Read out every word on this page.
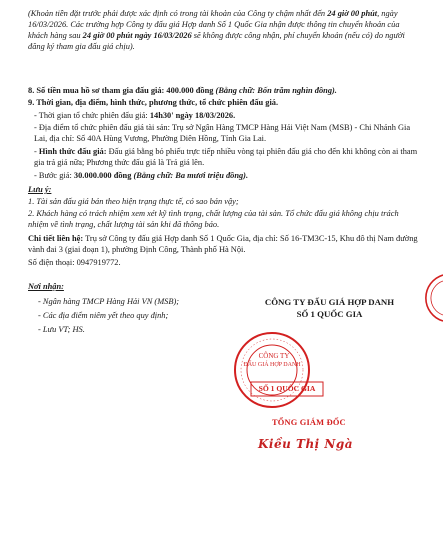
(Khoản tiền đặt trước phải được xác định có trong tài khoản của Công ty chậm nhất đến 24 giờ 00 phút, ngày 16/03/2026. Các trường hợp Công ty đấu giá Hợp danh Số 1 Quốc Gia nhận được thông tin chuyển khoản của khách hàng sau 24 giờ 00 phút ngày 16/03/2026 sẽ không được công nhận, phí chuyển khoản (nếu có) do người đăng ký tham gia đấu giá chịu).

8. Số tiền mua hồ sơ tham gia đấu giá: 400.000 đồng (Bằng chữ: Bốn trăm nghìn đồng).

9. Thời gian, địa điểm, hình thức, phương thức, tổ chức phiên đấu giá.

- Thời gian tổ chức phiên đấu giá: 14h30' ngày 18/03/2026.

- Địa điểm tổ chức phiên đấu giá tài sản: Trụ sở Ngân Hàng TMCP Hàng Hải Việt Nam (MSB) - Chi Nhánh Gia Lai, địa chỉ: Số 40A Hùng Vương, Phường Diên Hồng, Tỉnh Gia Lai.

- Hình thức đấu giá: Đấu giá bằng bỏ phiếu trực tiếp nhiều vòng tại phiên đấu giá cho đến khi không còn ai tham gia trả giá nữa; Phương thức đấu giá là Trả giá lên.

- Bước giá: 30.000.000 đồng (Bằng chữ: Ba mươi triệu đồng).

Lưu ý:

1. Tài sản đấu giá bán theo hiện trạng thực tế, có sao bán vậy;

2. Khách hàng có trách nhiệm xem xét kỹ tình trạng, chất lượng của tài sản. Tổ chức đấu giá không chịu trách nhiệm về tình trạng, chất lượng tài sản khi đã thông báo.

Chi tiết liên hệ: Trụ sở Công ty đấu giá Hợp danh Số 1 Quốc Gia, địa chỉ: Số 16-TM3C-15, Khu đô thị Nam đường vành đai 3 (giai đoạn 1), phường Định Công, Thành phố Hà Nội.

Số điện thoại: 0947919772.

Nơi nhận:

- Ngân hàng TMCP Hàng Hải VN (MSB);

- Các địa điểm niêm yết theo quy định;

- Lưu VT; HS.

CÔNG TY ĐẤU GIÁ HỢP DANH
SỐ 1 QUỐC GIA
CÔNG TY
ĐẤU GIÁ HỢP DANH
SỐ 1 QUỐC GIA
TỔNG GIÁM ĐỐC
Kiều Thị Ngà
